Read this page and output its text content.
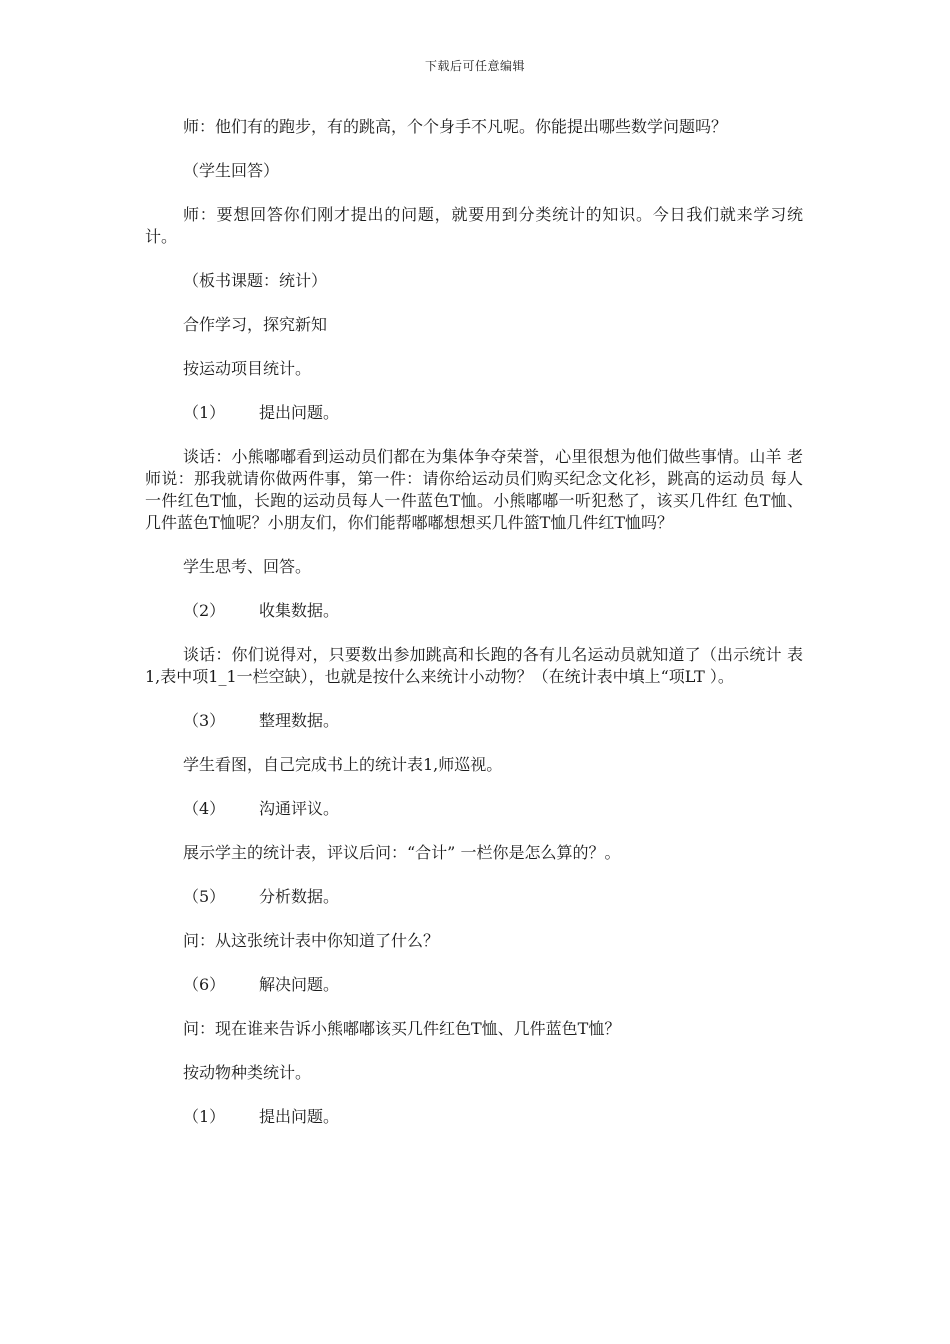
下载后可任意编辑

师：他们有的跑步，有的跳高，个个身手不凡呢。你能提出哪些数学问题吗？

（学生回答）

师：要想回答你们刚才提出的问题，就要用到分类统计的知识。今日我们就来学习统 计。

（板书课题：统计）

合作学习，探究新知

按运动项目统计。

（1） 提出问题。

谈话：小熊嘟嘟看到运动员们都在为集体争夺荣誉，心里很想为他们做些事情。山羊 老师说：那我就请你做两件事，第一件：请你给运动员们购买纪念文化衫，跳高的运动员 每人一件红色T恤，长跑的运动员每人一件蓝色T恤。小熊嘟嘟一听犯愁了，该买几件红 色T恤、几件蓝色T恤呢？小朋友们，你们能帮嘟嘟想想买几件篮T恤几件红T恤吗？

学生思考、回答。

（2） 收集数据。

谈话：你们说得对，只要数出参加跳高和长跑的各有儿名运动员就知道了（出示统计 表1,表中项1_1一栏空缺），也就是按什么来统计小动物？（在统计表中填上“项LT ）。

（3） 整理数据。

学生看图，自己完成书上的统计表1,师巡视。

（4） 沟通评议。

展示学主的统计表，评议后问：“合计” 一栏你是怎么算的？。

（5） 分析数据。

问：从这张统计表中你知道了什么？

（6） 解决问题。

问：现在谁来告诉小熊嘟嘟该买几件红色T恤、几件蓝色T恤？

按动物种类统计。

（1） 提出问题。
